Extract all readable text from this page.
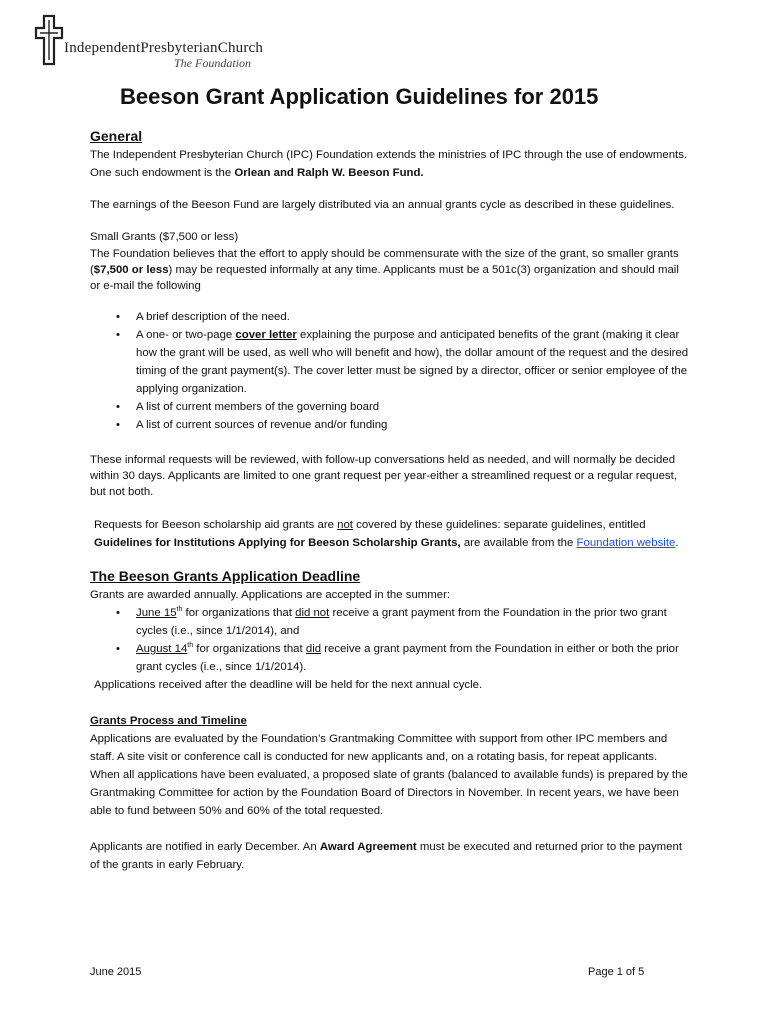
IndependentPresbyterianChurch
The Foundation
Beeson Grant Application Guidelines for 2015

General

The Independent Presbyterian Church (IPC) Foundation extends the ministries of IPC through the use of endowments. One such endowment is the Orlean and Ralph W. Beeson Fund.

The earnings of the Beeson Fund are largely distributed via an annual grants cycle as described in these guidelines.

Small Grants ($7,500 or less)

The Foundation believes that the effort to apply should be commensurate with the size of the grant, so smaller grants ($7,500 or less) may be requested informally at any time. Applicants must be a 501c(3) organization and should mail or e-mail the following

• A brief description of the need.
• A one- or two-page cover letter explaining the purpose and anticipated benefits of the grant (making it clear how the grant will be used, as well who will benefit and how), the dollar amount of the request and the desired timing of the grant payment(s). The cover letter must be signed by a director, officer or senior employee of the applying organization.
• A list of current members of the governing board
• A list of current sources of revenue and/or funding

These informal requests will be reviewed, with follow-up conversations held as needed, and will normally be decided within 30 days. Applicants are limited to one grant request per year-either a streamlined request or a regular request, but not both.

Requests for Beeson scholarship aid grants are not covered by these guidelines: separate guidelines, entitled Guidelines for Institutions Applying for Beeson Scholarship Grants, are available from the Foundation website.

The Beeson Grants Application Deadline

Grants are awarded annually. Applications are accepted in the summer:

• June 15th for organizations that did not receive a grant payment from the Foundation in the prior two grant cycles (i.e., since 1/1/2014), and
• August 14th for organizations that did receive a grant payment from the Foundation in either or both the prior grant cycles (i.e., since 1/1/2014).

Applications received after the deadline will be held for the next annual cycle.

Grants Process and Timeline

Applications are evaluated by the Foundation’s Grantmaking Committee with support from other IPC members and staff. A site visit or conference call is conducted for new applicants and, on a rotating basis, for repeat applicants. When all applications have been evaluated, a proposed slate of grants (balanced to available funds) is prepared by the Grantmaking Committee for action by the Foundation Board of Directors in November. In recent years, we have been able to fund between 50% and 60% of the total requested.

Applicants are notified in early December. An Award Agreement must be executed and returned prior to the payment of the grants in early February.

June 2015	Page 1 of 5
